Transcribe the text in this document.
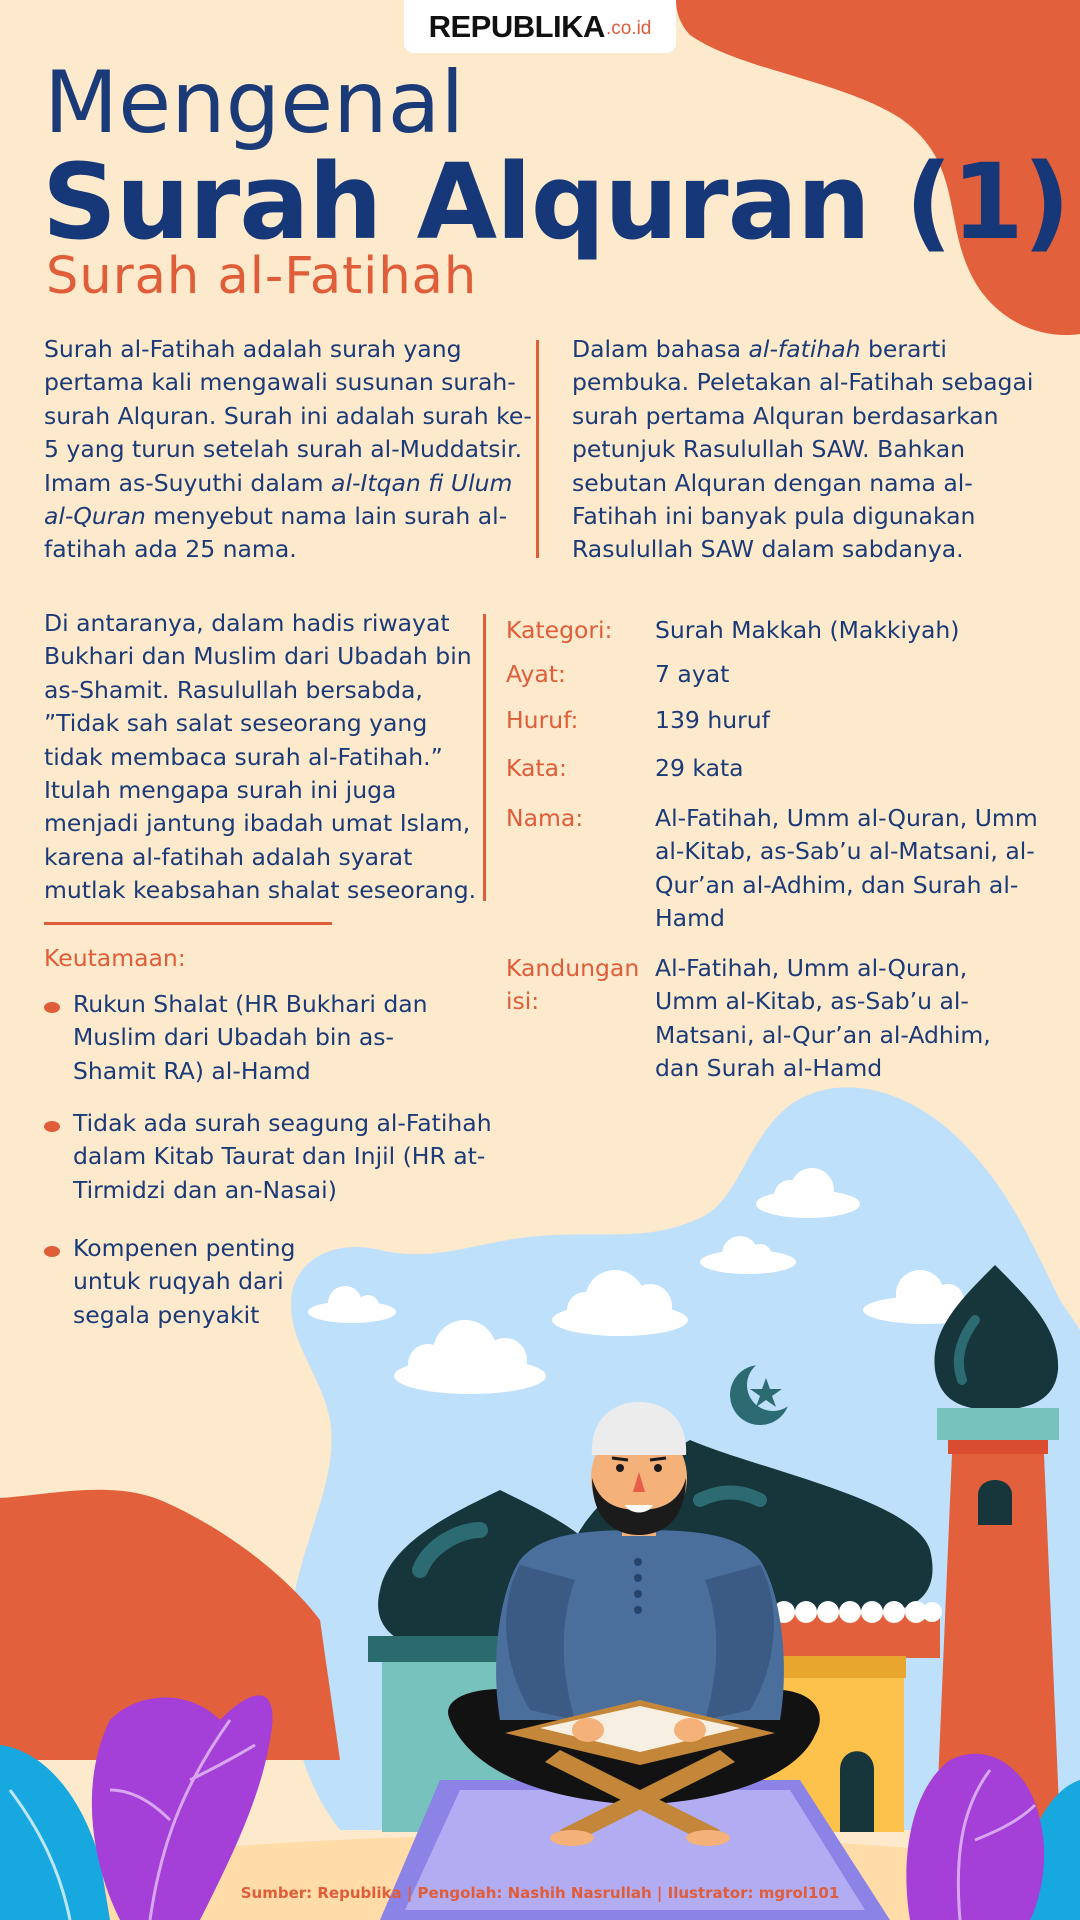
REPUBLIKA .co.id
Mengenal
Surah Alquran (1)
Surah al-Fatihah
Surah al-Fatihah adalah surah yang pertama kali mengawali susunan surah-surah Alquran. Surah ini adalah surah ke-5 yang turun setelah surah al-Muddatsir. Imam as-Suyuthi dalam al-Itqan fi Ulum al-Quran menyebut nama lain surah al-fatihah ada 25 nama.
Dalam bahasa al-fatihah berarti pembuka. Peletakan al-Fatihah sebagai surah pertama Alquran berdasarkan petunjuk Rasulullah SAW. Bahkan sebutan Alquran dengan nama al-Fatihah ini banyak pula digunakan Rasulullah SAW dalam sabdanya.
Di antaranya, dalam hadis riwayat Bukhari dan Muslim dari Ubadah bin as-Shamit. Rasulullah bersabda, ”Tidak sah salat seseorang yang tidak membaca surah al-Fatihah.” Itulah mengapa surah ini juga menjadi jantung ibadah umat Islam, karena al-fatihah adalah syarat mutlak keabsahan shalat seseorang.
Kategori: Surah Makkah (Makkiyah)
Ayat:	7 ayat
Huruf:	139 huruf
Kata:	29 kata
Nama:	Al-Fatihah, Umm al-Quran, Umm al-Kitab, as-Sab’u al-Matsani, al-Qur’an al-Adhim, dan Surah al-Hamd
Kandungan isi:
Al-Fatihah, Umm al-Quran, Umm al-Kitab, as-Sab’u al-Matsani, al-Qur’an al-Adhim, dan Surah al-Hamd
Keutamaan:
Rukun Shalat (HR Bukhari dan Muslim dari Ubadah bin as-Shamit RA) al-Hamd
Tidak ada surah seagung al-Fatihah dalam Kitab Taurat dan Injil (HR at-Tirmidzi dan an-Nasai)
Kompenen penting untuk ruqyah dari segala penyakit
Sumber: Republika | Pengolah: Nashih Nasrullah | Ilustrator: mgrol101
